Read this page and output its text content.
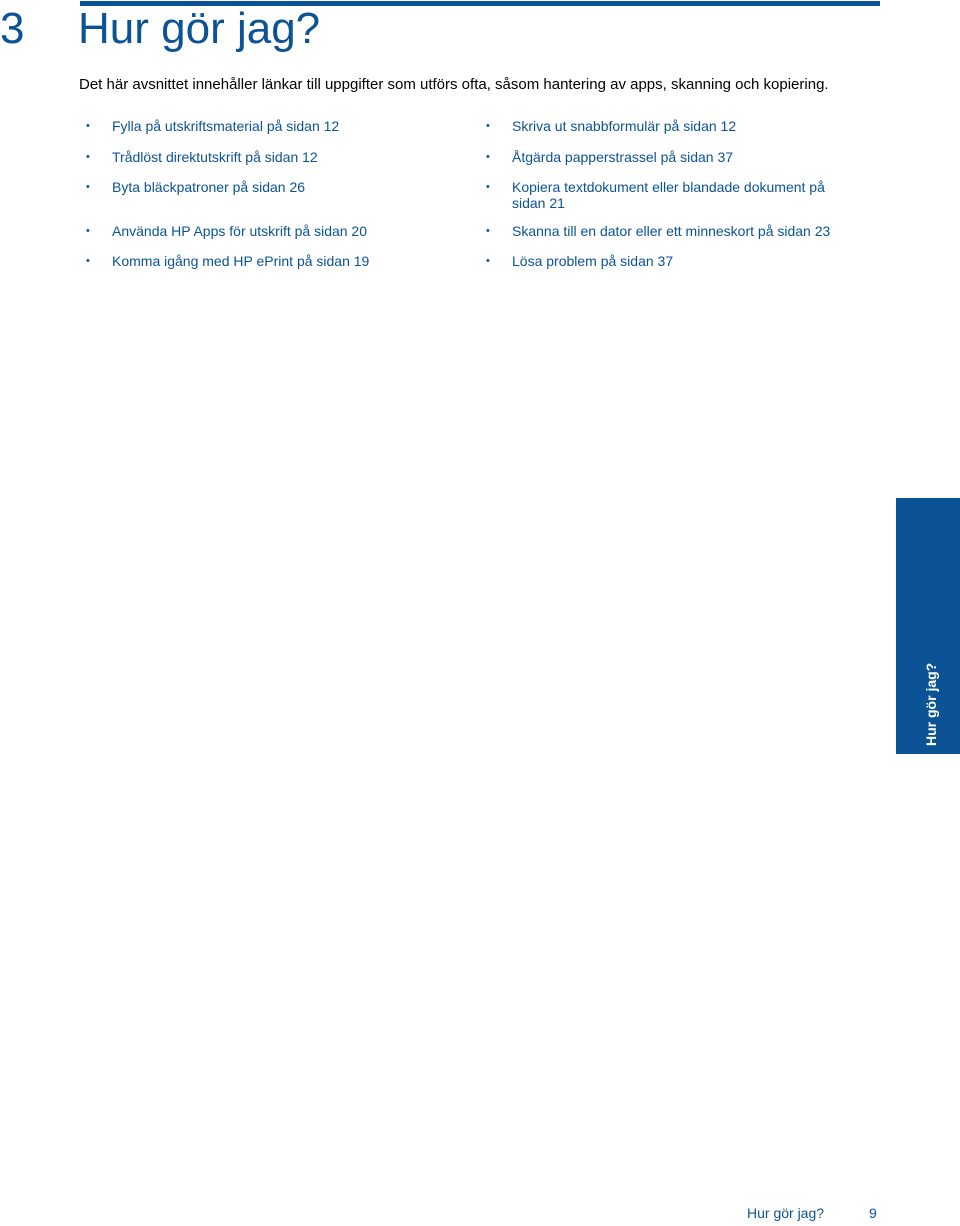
3 Hur gör jag?

Det här avsnittet innehåller länkar till uppgifter som utförs ofta, såsom hantering av apps, skanning och kopiering.

•	Fylla på utskriftsmaterial på sidan 12
•	Trådlöst direktutskrift på sidan 12
•	Byta bläckpatroner på sidan 26
•	Använda HP Apps för utskrift på sidan 20
•	Komma igång med HP ePrint på sidan 19
•	Skriva ut snabbformulär på sidan 12
•	Åtgärda papperstrassel på sidan 37
•	Kopiera textdokument eller blandade dokument på sidan 21
•	Skanna till en dator eller ett minneskort på sidan 23
•	Lösa problem på sidan 37
Hur gör jag?
Hur gör jag?	9
